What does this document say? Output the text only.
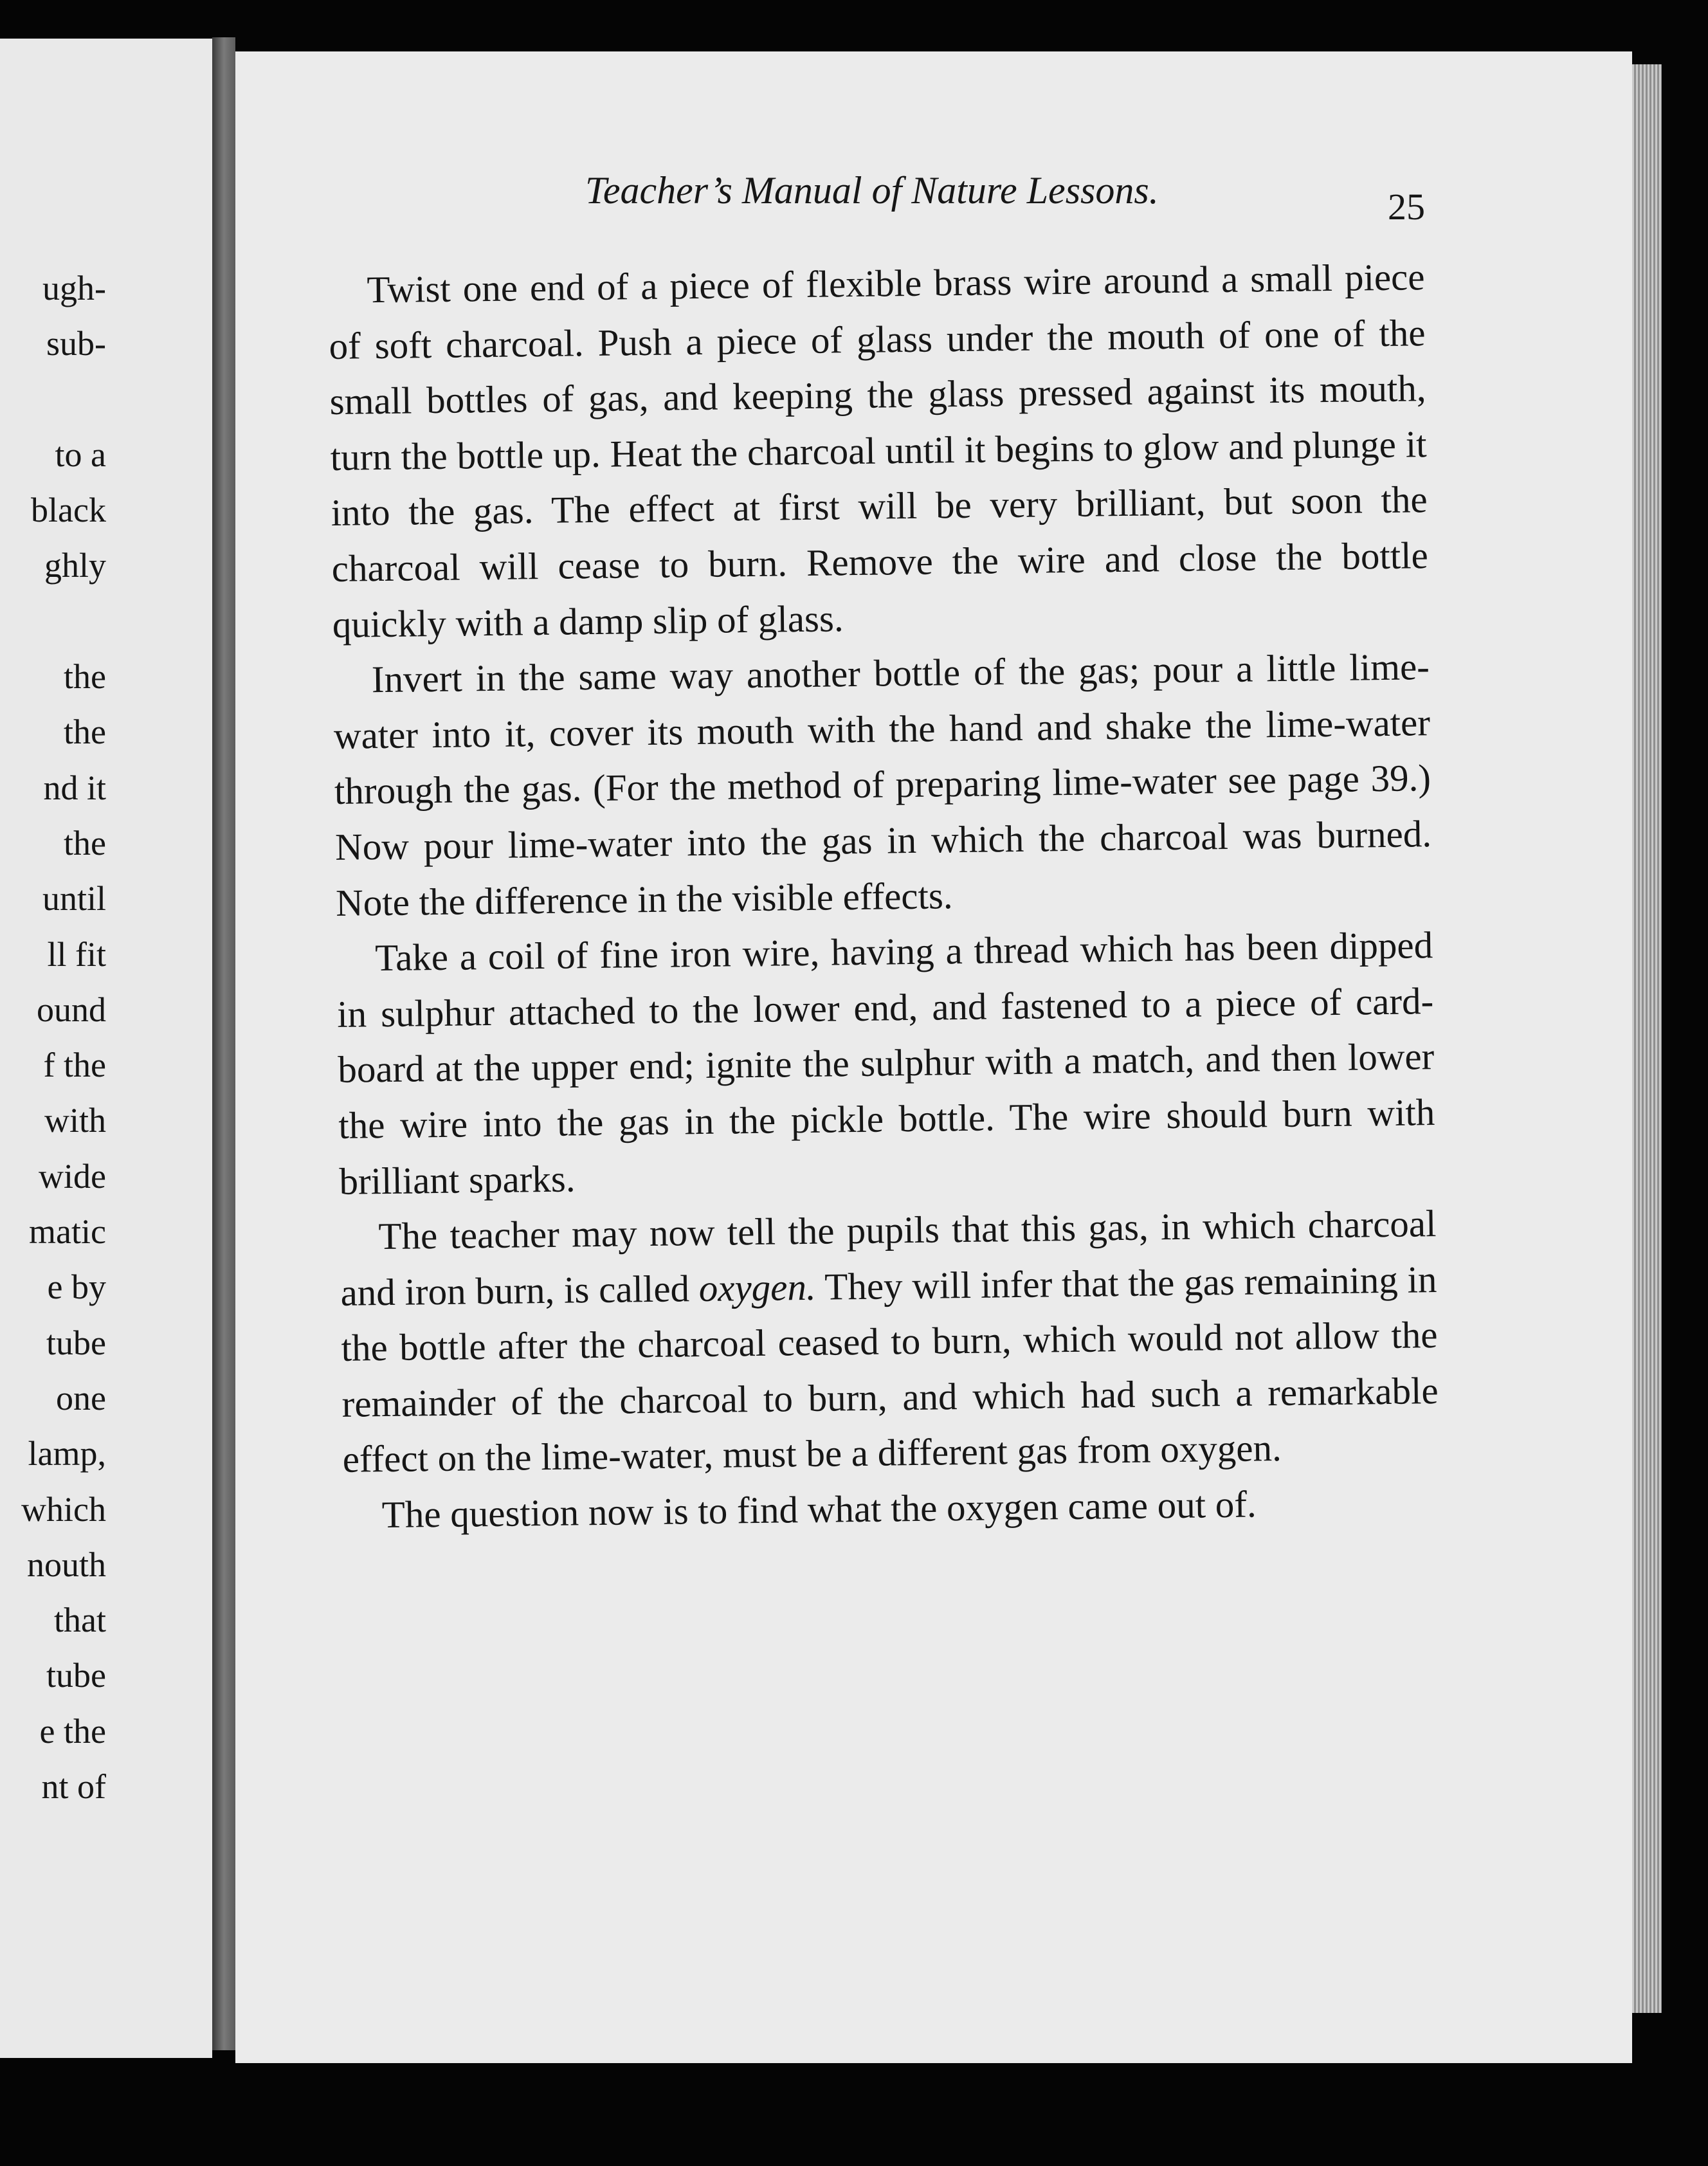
ugh-
sub-

to a
black
ghly

the
the
nd it
the
until
ll fit
ound
f the
with
wide
matic
e by
tube
one
lamp,
which
nouth
that
tube
e the
nt of
Teacher’s Manual of Nature Lessons.	25

Twist one end of a piece of flexible brass wire around a small piece of soft charcoal. Push a piece of glass under the mouth of one of the small bottles of gas, and keeping the glass pressed against its mouth, turn the bottle up. Heat the charcoal until it begins to glow and plunge it into the gas. The effect at first will be very brilliant, but soon the charcoal will cease to burn. Remove the wire and close the bottle quickly with a damp slip of glass.

Invert in the same way another bottle of the gas; pour a little lime-water into it, cover its mouth with the hand and shake the lime-water through the gas. (For the method of preparing lime-water see page 39.) Now pour lime-water into the gas in which the charcoal was burned. Note the difference in the visible effects.

Take a coil of fine iron wire, having a thread which has been dipped in sulphur attached to the lower end, and fastened to a piece of card-board at the upper end; ignite the sulphur with a match, and then lower the wire into the gas in the pickle bottle. The wire should burn with brilliant sparks.

The teacher may now tell the pupils that this gas, in which charcoal and iron burn, is called oxygen. They will infer that the gas remaining in the bottle after the charcoal ceased to burn, which would not allow the remainder of the charcoal to burn, and which had such a remarkable effect on the lime-water, must be a different gas from oxygen.

The question now is to find what the oxygen came out of.
